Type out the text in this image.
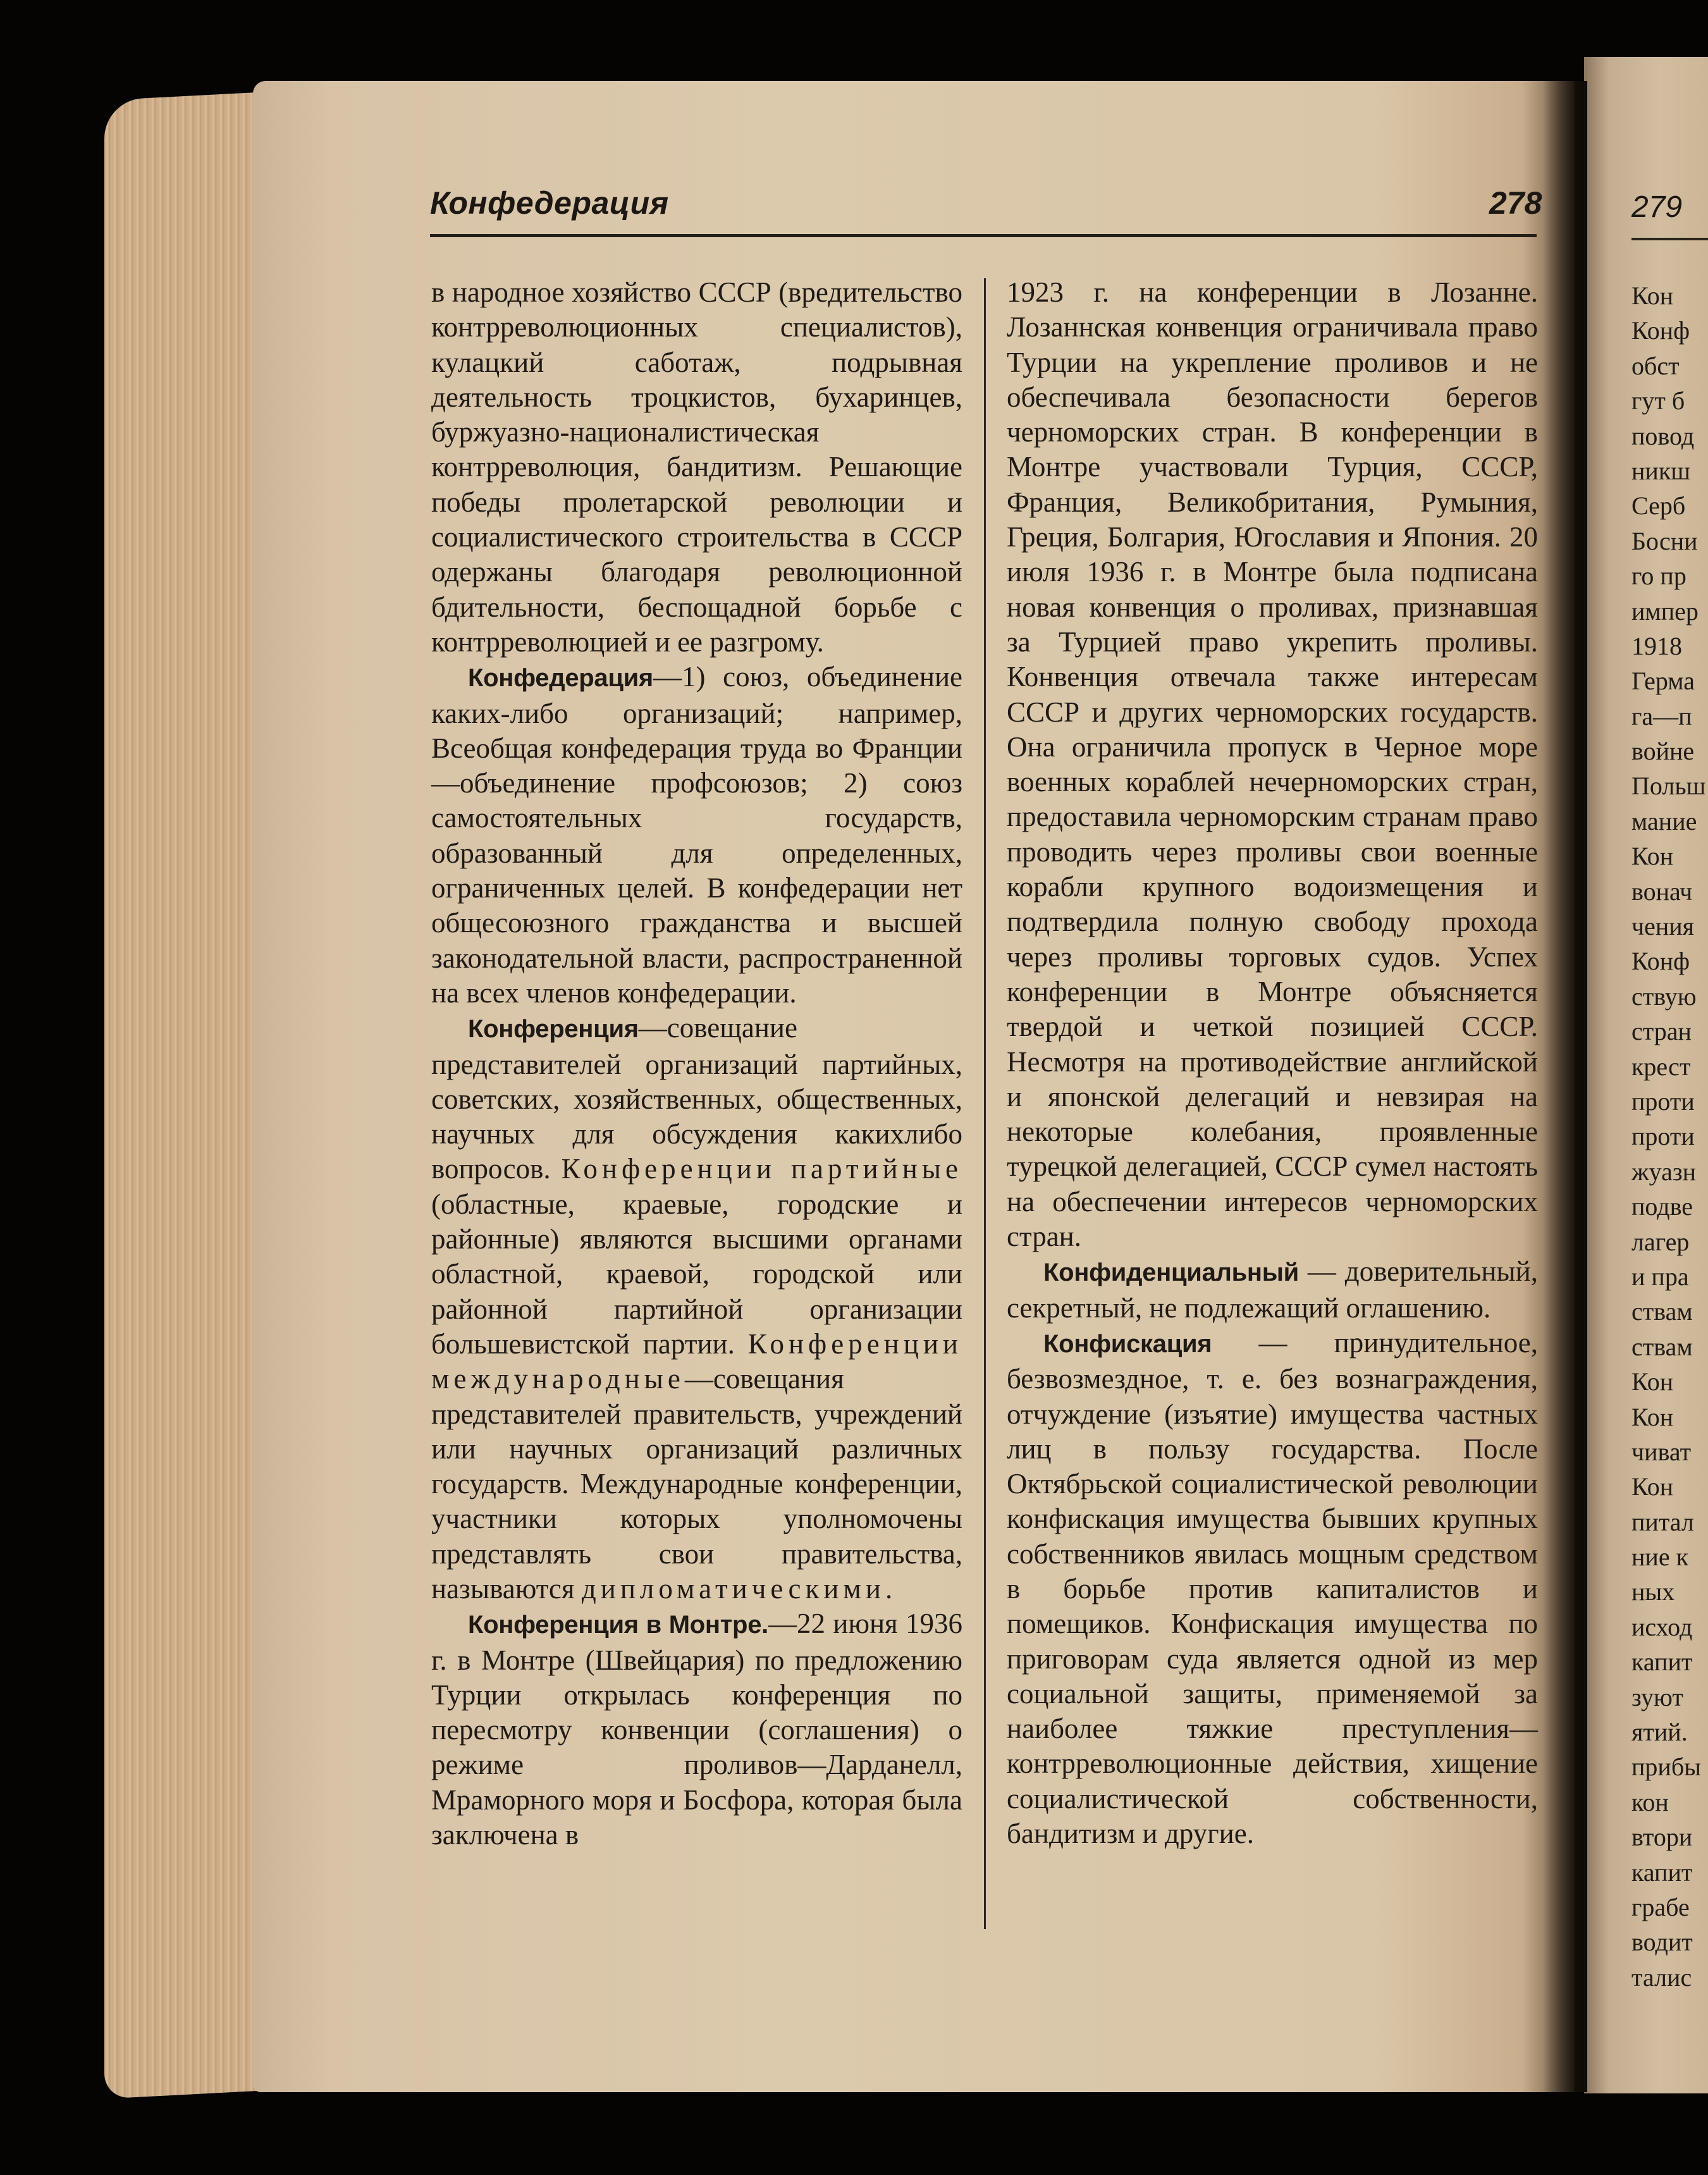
Конфедерация	278

в народное хозяйство СССР (вредительство контрреволюционных специалистов), кулацкий саботаж, подрывная деятельность троцкистов, бухаринцев, буржуазно-националистическая контрреволюция, бандитизм. Решающие победы пролетарской революции и социалистического строительства в СССР одержаны благодаря революционной бдительности, беспощадной борьбе с контрреволюцией и ее разгрому.

Конфедерация—1) союз, объединение каких-либо организаций; например, Всеобщая конфедерация труда во Франции—объединение профсоюзов; 2) союз самостоятельных государств, образованный для определенных, ограниченных целей. В конфедерации нет общесоюзного гражданства и высшей законодательной власти, распространенной на всех членов конфедерации.

Конференция—совещание представителей организаций партийных, советских, хозяйственных, общественных, научных для обсуждения какихлибо вопросов. Конференции партийные (областные, краевые, городские и районные) являются высшими органами областной, краевой, городской или районной партийной организации большевистской партии. Конференции международные—совещания представителей правительств, учреждений или научных организаций различных государств. Международные конференции, участники которых уполномочены представлять свои правительства, называются дипломатическими.

Конференция в Монтре.—22 июня 1936 г. в Монтре (Швейцария) по предложению Турции открылась конференция по пересмотру конвенции (соглашения) о режиме проливов—Дарданелл, Мраморного моря и Босфора, которая была заключена в

1923 г. на конференции в Лозанне. Лозаннская конвенция ограничивала право Турции на укрепление проливов и не обеспечивала безопасности берегов черноморских стран. В конференции в Монтре участвовали Турция, СССР, Франция, Великобритания, Румыния, Греция, Болгария, Югославия и Япония. 20 июля 1936 г. в Монтре была подписана новая конвенция о проливах, признавшая за Турцией право укрепить проливы. Конвенция отвечала также интересам СССР и других черноморских государств. Она ограничила пропуск в Черное море военных кораблей нечерноморских стран, предоставила черноморским странам право проводить через проливы свои военные корабли крупного водоизмещения и подтвердила полную свободу прохода через проливы торговых судов. Успех конференции в Монтре объясняется твердой и четкой позицией СССР. Несмотря на противодействие английской и японской делегаций и невзирая на некоторые колебания, проявленные турецкой делегацией, СССР сумел настоять на обеспечении интересов черноморских стран.

Конфиденциальный — доверительный, секретный, не подлежащий оглашению.

Конфискация — принудительное, безвозмездное, т. е. без вознаграждения, отчуждение (изъятие) имущества частных лиц в пользу государства. После Октябрьской социалистической революции конфискация имущества бывших крупных собственников явилась мощным средством в борьбе против капиталистов и помещиков. Конфискация имущества по приговорам суда является одной из мер социальной защиты, применяемой за наиболее тяжкие преступления—контрреволюционные действия, хищение социалистической собственности, бандитизм и другие.

279
Кон
Конф
обст
гут б
повод
никш
Серб
Босни
го пр
импер
1918
Герма
га—п
войне
Польш
мание
Кон
вонач
чения
Конф
ствую
стран
крест
проти
проти
жуазн
подве
лагер
и пра
ствам
ствам
Кон
Кон
чиват
Кон
питал
ние к
ных
исход
капит
зуют
ятий.
прибы
кон
втори
капит
грабе
водит
талис
